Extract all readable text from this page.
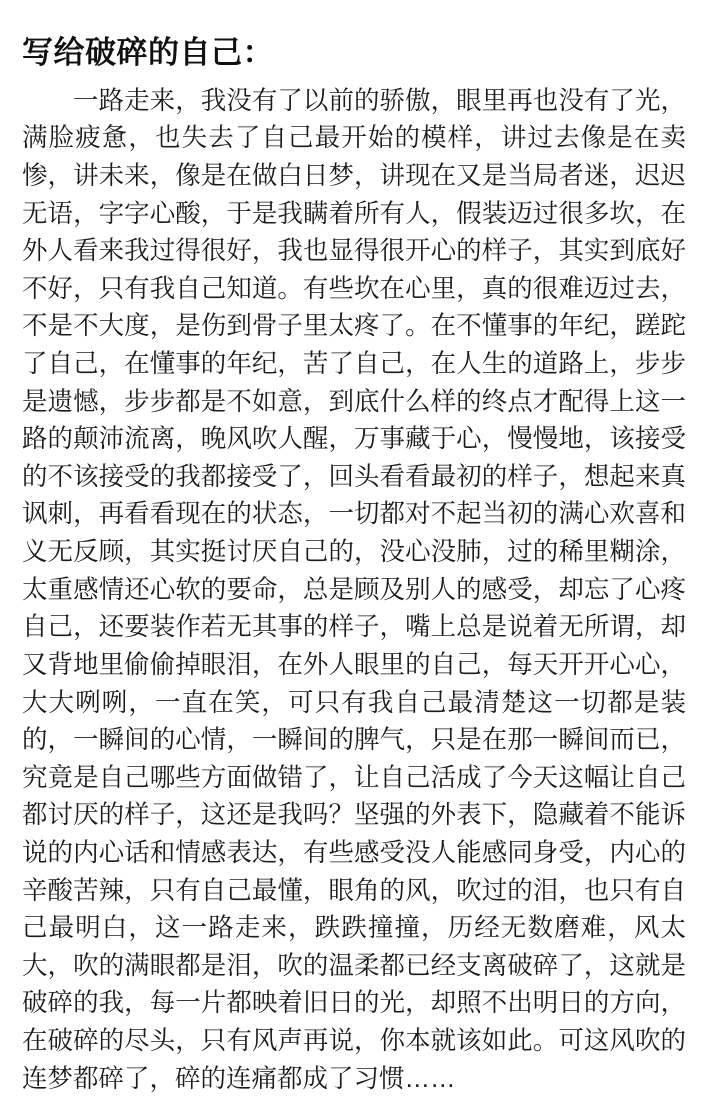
写给破碎的自己：
一路走来，我没有了以前的骄傲，眼里再也没有了光，满脸疲惫，也失去了自己最开始的模样，讲过去像是在卖惨，讲未来，像是在做白日梦，讲现在又是当局者迷，迟迟无语，字字心酸，于是我瞒着所有人，假装迈过很多坎，在外人看来我过得很好，我也显得很开心的样子，其实到底好不好，只有我自己知道。有些坎在心里，真的很难迈过去，不是不大度，是伤到骨子里太疼了。在不懂事的年纪，蹉跎了自己，在懂事的年纪，苦了自己，在人生的道路上，步步是遗憾，步步都是不如意，到底什么样的终点才配得上这一路的颠沛流离，晚风吹人醒，万事藏于心，慢慢地，该接受的不该接受的我都接受了，回头看看最初的样子，想起来真讽刺，再看看现在的状态，一切都对不起当初的满心欢喜和义无反顾，其实挺讨厌自己的，没心没肺，过的稀里糊涂，太重感情还心软的要命，总是顾及别人的感受，却忘了心疼自己，还要装作若无其事的样子，嘴上总是说着无所谓，却又背地里偷偷掉眼泪，在外人眼里的自己，每天开开心心，大大咧咧，一直在笑，可只有我自己最清楚这一切都是装的，一瞬间的心情，一瞬间的脾气，只是在那一瞬间而已，究竟是自己哪些方面做错了，让自己活成了今天这幅让自己都讨厌的样子，这还是我吗？坚强的外表下，隐藏着不能诉说的内心话和情感表达，有些感受没人能感同身受，内心的辛酸苦辣，只有自己最懂，眼角的风，吹过的泪，也只有自己最明白，这一路走来，跌跌撞撞，历经无数磨难，风太大，吹的满眼都是泪，吹的温柔都已经支离破碎了，这就是破碎的我，每一片都映着旧日的光，却照不出明日的方向，在破碎的尽头，只有风声再说，你本就该如此。可这风吹的连梦都碎了，碎的连痛都成了习惯……
